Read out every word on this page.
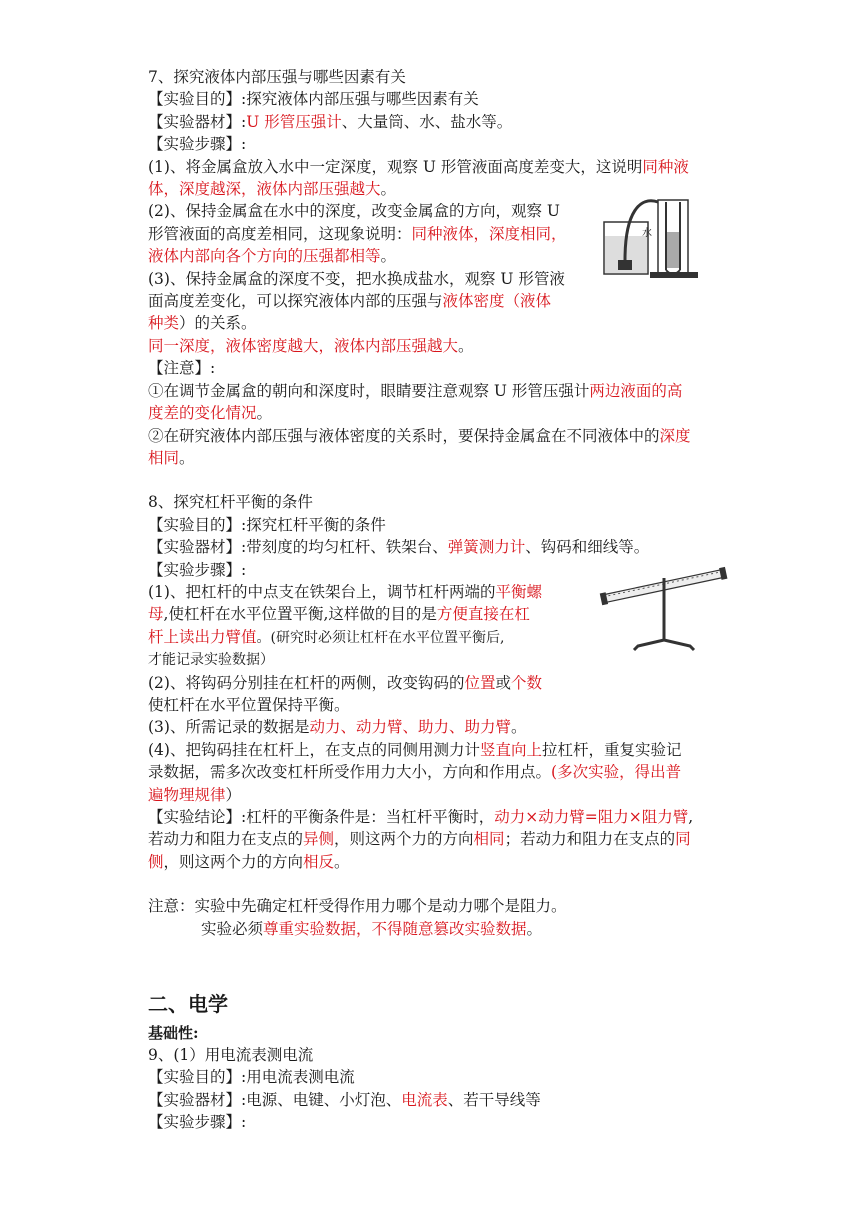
水
7、探究液体内部压强与哪些因素有关
【实验目的】:探究液体内部压强与哪些因素有关
【实验器材】:U 形管压强计、大量筒、水、盐水等。
【实验步骤】:
(1)、将金属盒放入水中一定深度，观察 U 形管液面高度差变大，这说明同种液
体，深度越深，液体内部压强越大。
(2)、保持金属盒在水中的深度，改变金属盒的方向，观察 U
形管液面的高度差相同，这现象说明：同种液体，深度相同，
液体内部向各个方向的压强都相等。
(3)、保持金属盒的深度不变，把水换成盐水，观察 U 形管液
面高度差变化，可以探究液体内部的压强与液体密度（液体
种类）的关系。
同一深度，液体密度越大，液体内部压强越大。
【注意】:
①在调节金属盒的朝向和深度时，眼睛要注意观察 U 形管压强计两边液面的高
度差的变化情况。
②在研究液体内部压强与液体密度的关系时，要保持金属盒在不同液体中的深度
相同。
8、探究杠杆平衡的条件
【实验目的】:探究杠杆平衡的条件
【实验器材】:带刻度的均匀杠杆、铁架台、弹簧测力计、钩码和细线等。
【实验步骤】:
(1)、把杠杆的中点支在铁架台上，调节杠杆两端的平衡螺
母,使杠杆在水平位置平衡,这样做的目的是方便直接在杠
杆上读出力臂值。(研究时必须让杠杆在水平位置平衡后,
才能记录实验数据）
(2)、将钩码分别挂在杠杆的两侧，改变钩码的位置或个数
使杠杆在水平位置保持平衡。
(3)、所需记录的数据是动力、动力臂、助力、助力臂。
(4)、把钩码挂在杠杆上，在支点的同侧用测力计竖直向上拉杠杆，重复实验记
录数据，需多次改变杠杆所受作用力大小，方向和作用点。(多次实验，得出普
遍物理规律）
【实验结论】:杠杆的平衡条件是：当杠杆平衡时，动力×动力臂=阻力×阻力臂,
若动力和阻力在支点的异侧，则这两个力的方向相同；若动力和阻力在支点的同
侧，则这两个力的方向相反。
注意：实验中先确定杠杆受得作用力哪个是动力哪个是阻力。
实验必须尊重实验数据，不得随意篡改实验数据。
二、电学
基础性:
9、(1）用电流表测电流
【实验目的】:用电流表测电流
【实验器材】:电源、电键、小灯泡、电流表、若干导线等
【实验步骤】:
